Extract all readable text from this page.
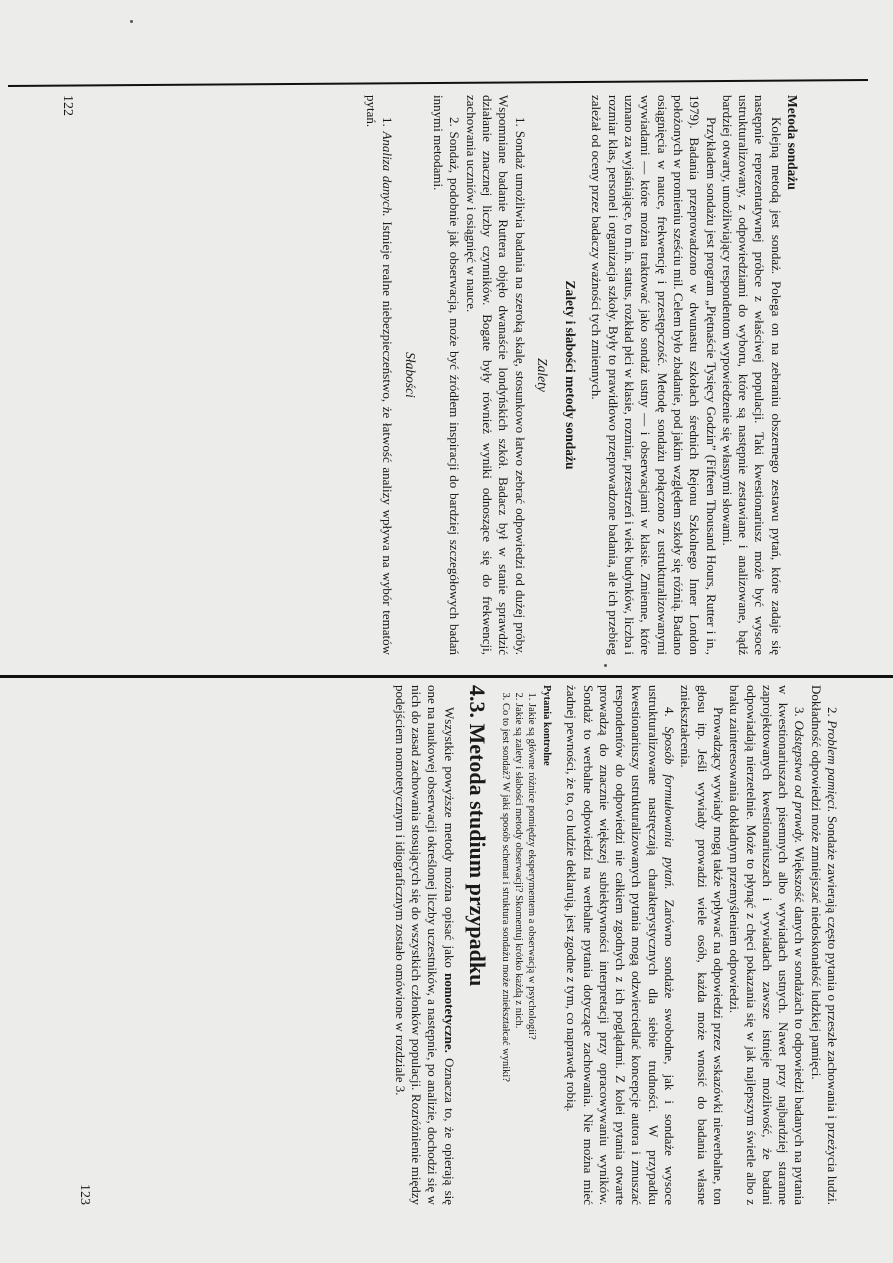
Metoda sondażu

Kolejną metodą jest sondaż. Polega on na zebraniu obszernego zestawu pytań, które zadaje się następnie reprezentatywnej próbce z właściwej populacji. Taki kwestionariusz może być wysoce ustrukturalizowany, z odpowiedziami do wyboru, które są następnie zestawiane i analizowane, bądź bardziej otwarty, umożliwiający respondentom wypowiedzenie się własnymi słowami.

Przykładem sondażu jest program „Piętnaście Tysięcy Godzin” (Fifteen Thousand Hours, Rutter i in., 1979). Badania przeprowadzono w dwunastu szkołach średnich Rejonu Szkolnego Inner London położonych w promieniu sześciu mil. Celem było zbadanie, pod jakim względem szkoły się różnią. Badano osiągnięcia w nauce, frekwencję i przestępczość. Metodę sondażu połączono z ustrukturalizowanymi wywiadami — które można traktować jako sondaż ustny — i obserwacjami w klasie. Zmienne, które uznano za wyjaśniające, to m.in. status, rozkład płci w klasie, rozmiar, przestrzeń i wiek budynków, liczba i rozmiar klas, personel i organizacja szkoły. Były to prawidłowo przeprowadzone badania, ale ich przebieg zależał od oceny przez badaczy ważności tych zmiennych.

Zalety i słabości metody sondażu
Zalety

1. Sondaż umożliwia badania na szeroką skalę, stosunkowo łatwo zebrać odpowiedzi od dużej próby. Wspomniane badanie Ruttera objęło dwanaście londyńskich szkół. Badacz był w stanie sprawdzić działanie znacznej liczby czynników. Bogate były również wyniki odnoszące się do frekwencji, zachowania uczniów i osiągnięć w nauce.

2. Sondaż, podobnie jak obserwacja, może być źródłem inspiracji do bardziej szczegółowych badań innymi metodami.

Słabości

1. Analiza danych. Istnieje realne niebezpieczeństwo, że łatwość analizy wpływa na wybór tematów pytań.

122

2. Problem pamięci. Sondaże zawierają często pytania o przeszłe zachowania i przeżycia ludzi. Dokładność odpowiedzi może zmniejszać niedoskonałość ludzkiej pamięci.

3. Odstępstwa od prawdy. Większość danych w sondażach to odpowiedzi badanych na pytania w kwestionariuszach pisemnych albo wywiadach ustnych. Nawet przy najbardziej staranne zaprojektowanych kwestionariuszach i wywiadach zawsze istnieje możliwość, że badani odpowiadają nierzetelnie. Może to płynąć z chęci pokazania się w jak najlepszym świetle albo z braku zainteresowania dokładnym przemyśleniem odpowiedzi.

Prowadzący wywiady mogą także wpływać na odpowiedzi przez wskazówki niewerbalne, ton głosu itp. Jeśli wywiady prowadzi wiele osób, każda może wnosić do badania własne zniekształcenia.

4. Sposób formułowania pytań. Zarówno sondaże swobodne, jak i sondaże wysoce ustrukturalizowane nastręczają charakterystycznych dla siebie trudności. W przypadku kwestionariuszy ustrukturalizowanych pytania mogą odzwierciedlać koncepcje autora i zmuszać respondentów do odpowiedzi nie całkiem zgodnych z ich poglądami. Z kolei pytania otwarte prowadzą do znacznie większej subiektywności interpretacji przy opracowywaniu wyników. Sondaż to werbalne odpowiedzi na werbalne pytania dotyczące zachowania. Nie można mieć żadnej pewności, że to, co ludzie deklarują, jest zgodne z tym, co naprawdę robią.

Pytania kontrolne
1. Jakie są główne różnice pomiędzy eksperymentem a obserwacją w psychologii?
2. Jakie są zalety i słabości metody obserwacji? Skomentuj krótko każdą z nich.
3. Co to jest sondaż? W jaki sposób schemat i struktura sondażu może zniekształcać wyniki?
4.3. Metoda studium przypadku

Wszystkie powyższe metody można opisać jako nomotetyczne. Oznacza to, że opierają się one na naukowej obserwacji określonej liczby uczestników, a następnie, po analizie, dochodzi się w nich do zasad zachowania stosujących się do wszystkich członków populacji. Rozróżnienie między podejściem nomotetycznym i idiograficznym zostało omówione w rozdziale 3.

123
